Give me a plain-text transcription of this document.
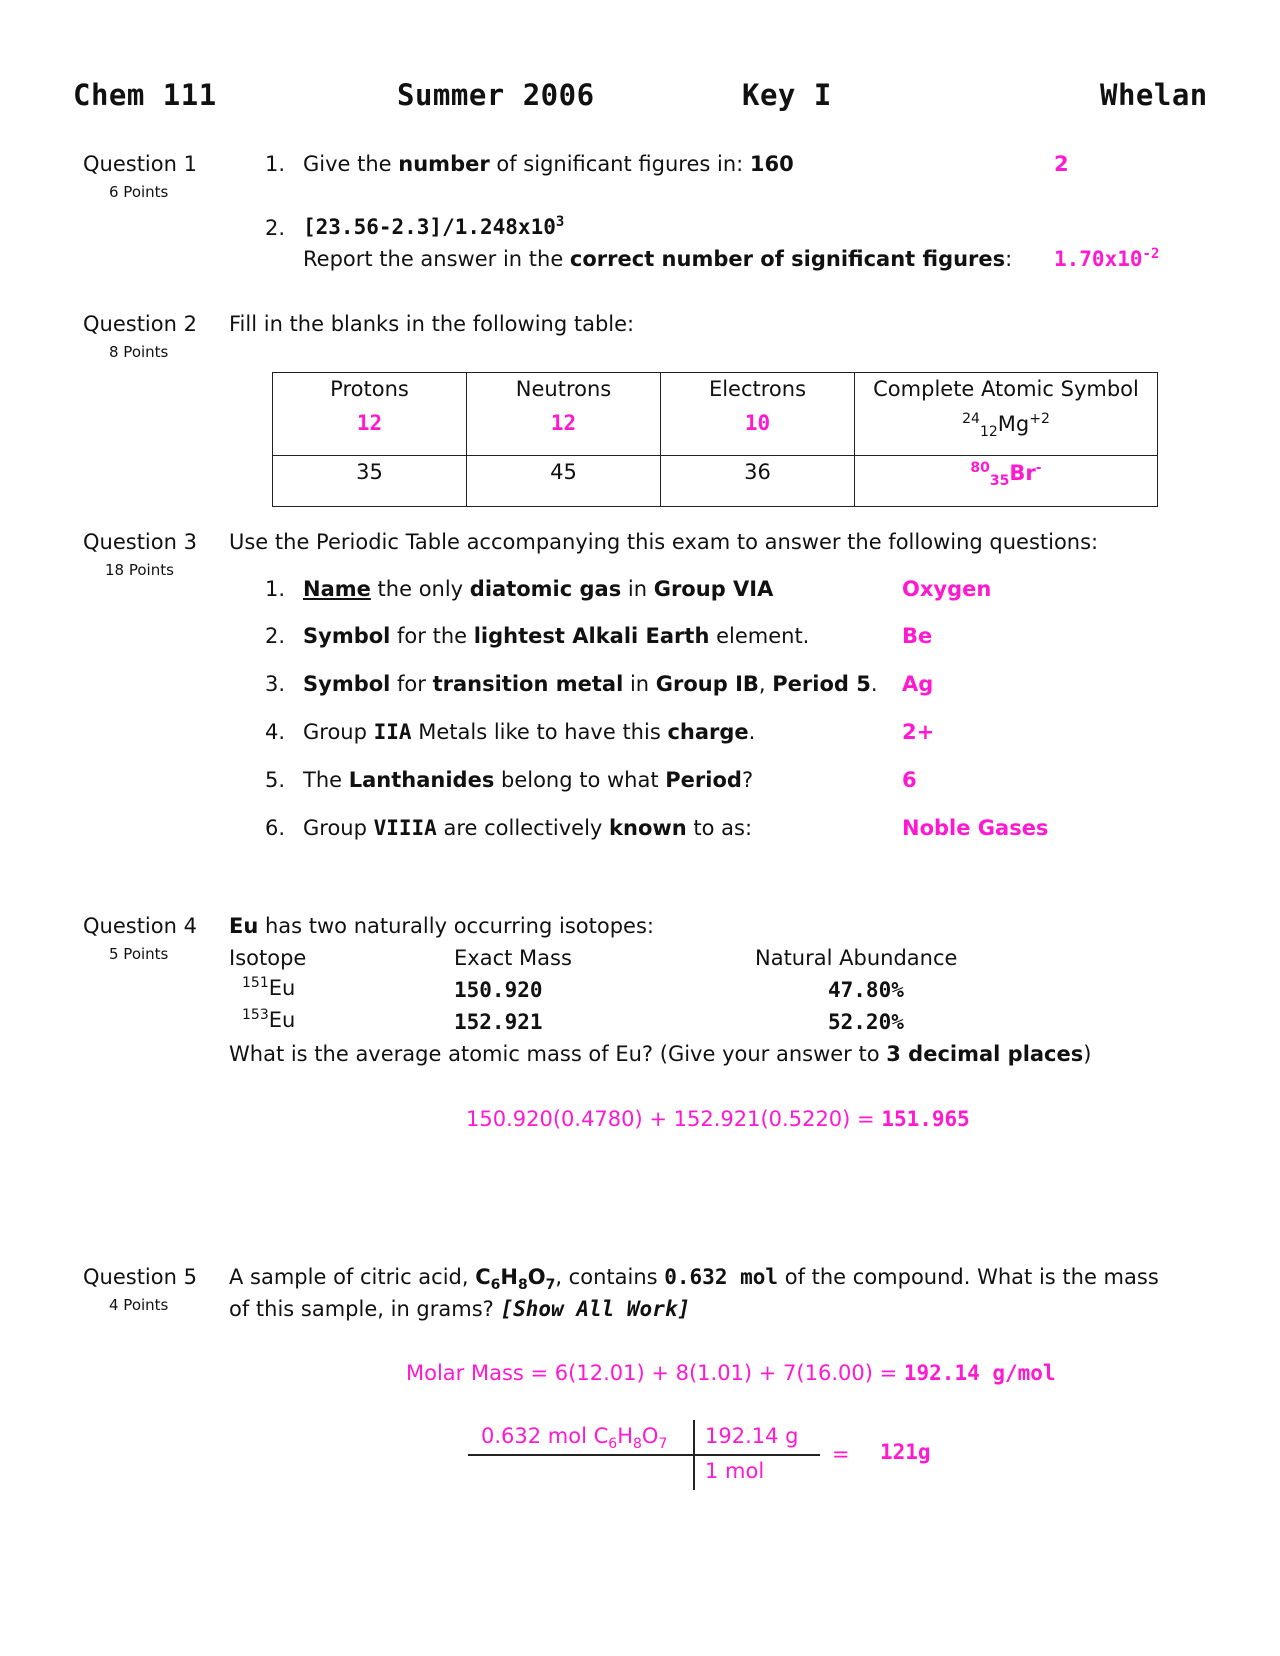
Chem 111	Summer 2006	Key I	Whelan
Question 1
6 Points
1. Give the number of significant figures in: 160	2
2. $[23.56-2.3]/1.248x10^3$
Report the answer in the correct number of significant figures: $1.70x10^{-2}$
Question 2
8 Points
Fill in the blanks in the following table:
Protons	Neutrons	Electrons	Complete Atomic Symbol
12	12	10	$^{24}_{12}Mg^{+2}$
35	45	36	$^{80}_{35}$Br-
Question 3
18 Points
Use the Periodic Table accompanying this exam to answer the following questions:
1. Name the only diatomic gas in Group VIA	Oxygen
2. Symbol for the lightest Alkali Earth element.	Be
3. Symbol for transition metal in Group IB, Period 5. Ag
4. Group IIA Metals like to have this charge.	2+
5. The Lanthanides belong to what Period?	6
6. Group VIIIA are collectively known to as:	Noble Gases
Question 4
5 Points
Eu has two naturally occurring isotopes:
Isotope	Exact Mass	Natural Abundance
$^{151}$Eu	150.920	47.80%
$^{153}$Eu	152.921	52.20%
What is the average atomic mass of Eu? (Give your answer to 3 decimal places)
150.920(0.4780) + 152.921(0.5220) = 151.965
Question 5
4 Points
A sample of citric acid, $C_6H_8O_7$, contains 0.632 mol of the compound. What is the mass
of this sample, in grams? [Show All Work]
Molar Mass = 6(12.01) + 8(1.01) + 7(16.00) = 192.14 g/mol
0.632 mol $C_6H_8O_7$ 192.14 g
1 mol
= 121g
